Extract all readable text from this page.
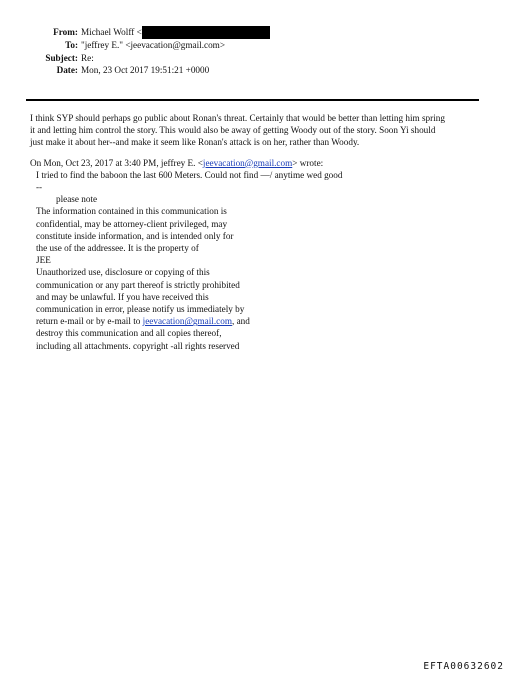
From: Michael Wolff <
To: "jeffrey E." <jeevacation@gmail.com>
Subject: Re:
Date: Mon, 23 Oct 2017 19:51:21 +0000

I think SYP should perhaps go public about Ronan's threat. Certainly that would be better than letting him spring

it and letting him control the story. This would also be away of getting Woody out of the story. Soon Yi should

just make it about her--and make it seem like Ronan's attack is on her, rather than Woody.

On Mon, Oct 23, 2017 at 3:40 PM, jeffrey E. <jeevacation@gmail.com> wrote:

I tried to find the baboon the last 600 Meters. Could not find —/ anytime wed good

--

please note

The information contained in this communication is

confidential, may be attorney-client privileged, may

constitute inside information, and is intended only for

the use of the addressee. It is the property of

JEE

Unauthorized use, disclosure or copying of this

communication or any part thereof is strictly prohibited

and may be unlawful. If you have received this

communication in error, please notify us immediately by

return e-mail or by e-mail to jeevacation@gmail.com, and

destroy this communication and all copies thereof,

including all attachments. copyright -all rights reserved

EFTA00632602
